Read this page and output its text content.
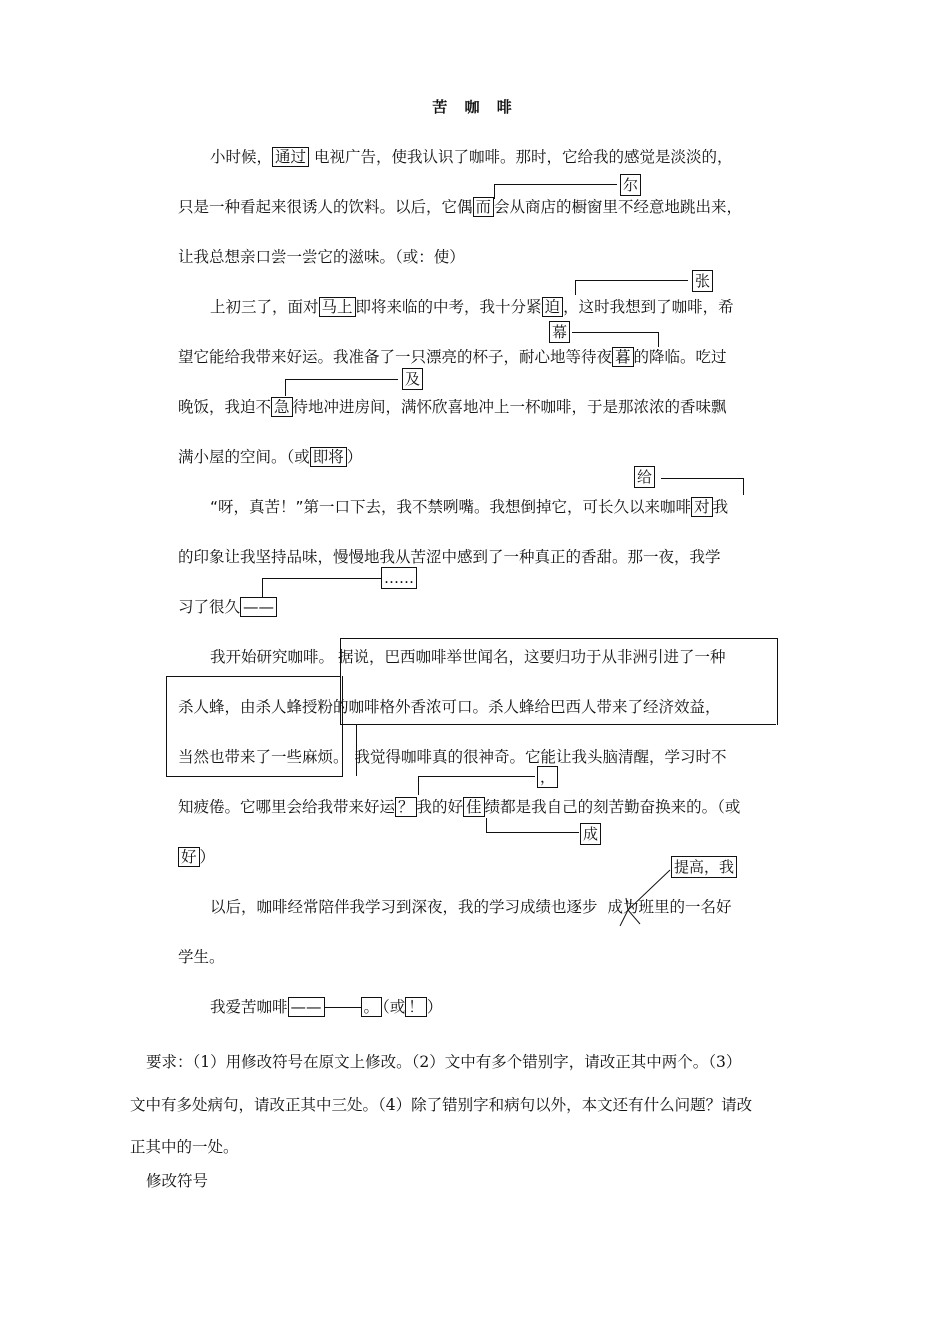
苦 咖 啡
小时候， 通过 电视广告，使我认识了咖啡。那时，它给我的感觉是淡淡的，
尔
只是一种看起来很诱人的饮料。以后，它偶 而 会从商店的橱窗里不经意地跳出来，
让我总想亲口尝一尝它的滋味。（或：使）
张
上初三了，面对 马上 即将来临的中考，我十分紧 迫 ，这时我想到了咖啡，希
幕
望它能给我带来好运。我准备了一只漂亮的杯子，耐心地等待夜 暮 的降临。吃过
及
晚饭，我迫不 急 待地冲进房间，满怀欣喜地冲上一杯咖啡，于是那浓浓的香味飘
满小屋的空间。（或 即将 ）
给
“呀，真苦！”第一口下去，我不禁咧嘴。我想倒掉它，可长久以来咖啡 对 我
的印象让我坚持品味，慢慢地我从苦涩中感到了一种真正的香甜。那一夜，我学
……
习了很久 ——
我开始研究咖啡。 据说，巴西咖啡举世闻名，这要归功于从非洲引进了一种
杀人蜂，由杀人蜂授粉的咖啡格外香浓可口。杀人蜂给巴西人带来了经济效益，
当然也带来了一些麻烦。 我觉得咖啡真的很神奇。它能让我头脑清醒，学习时不
，
知疲倦。它哪里会给我带来好运 ？ 我的好 佳 绩都是我自己的刻苦勤奋换来的。（或
成
好 ）
提高，我
以后，咖啡经常陪伴我学习到深夜，我的学习成绩也逐步 成为班里的一名好
学生。
我爱苦咖啡 ——	。 （或 ！ ）
要求：（1）用修改符号在原文上修改。（2）文中有多个错别字，请改正其中两个。（3）
文中有多处病句，请改正其中三处。（4）除了错别字和病句以外，本文还有什么问题？请改
正其中的一处。
修改符号
